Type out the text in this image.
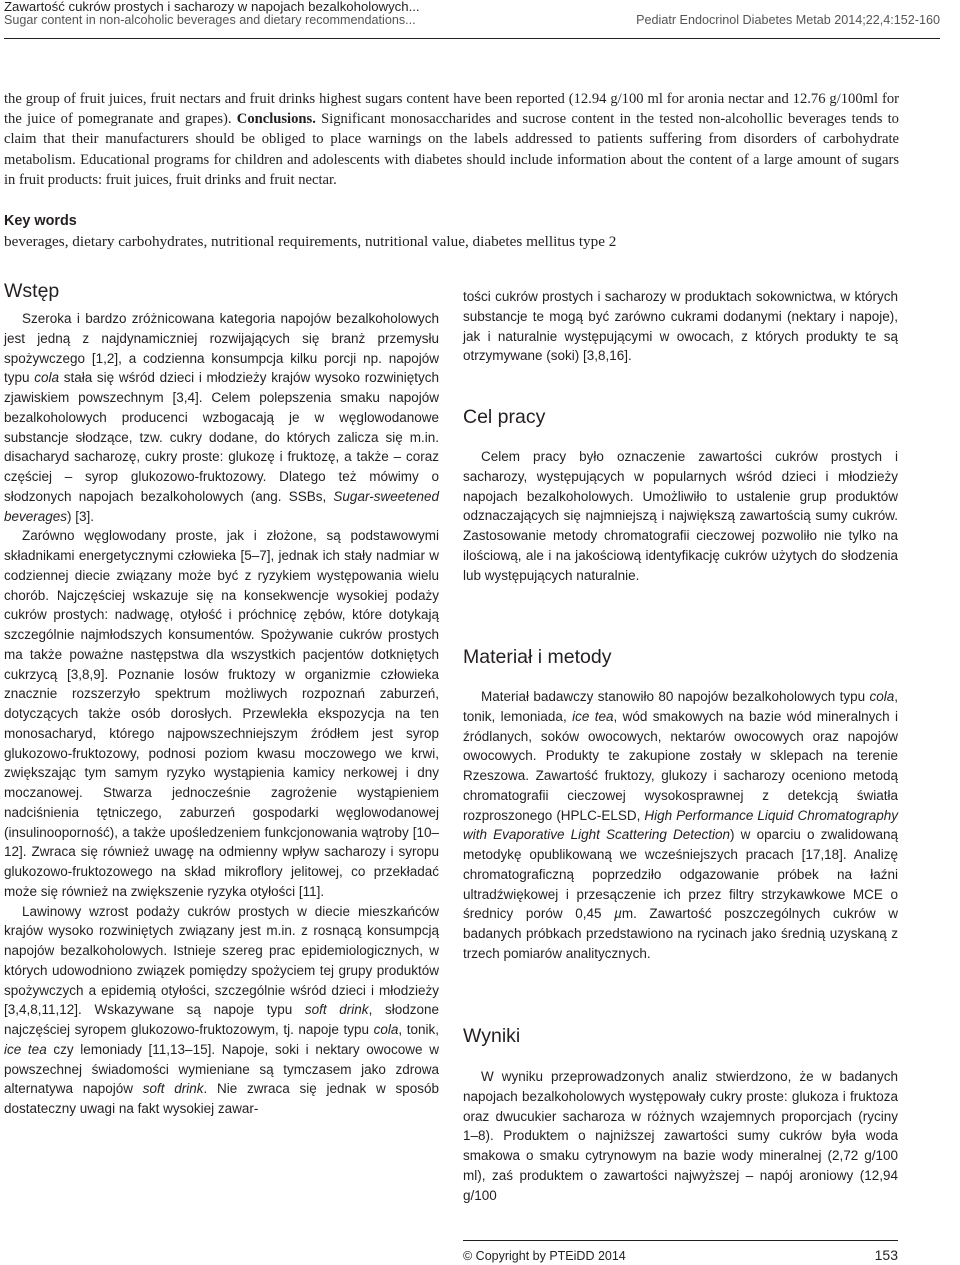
Zawartość cukrów prostych i sacharozy w napojach bezalkoholowych...
Sugar content in non-alcoholic beverages and dietary recommendations...	Pediatr Endocrinol Diabetes Metab 2014;22,4:152-160

the group of fruit juices, fruit nectars and fruit drinks highest sugars content have been reported (12.94 g/100 ml for aronia nectar and 12.76 g/100ml for the juice of pomegranate and grapes). Conclusions. Significant monosaccharides and sucrose content in the tested non-alcohollic beverages tends to claim that their manufacturers should be obliged to place warnings on the labels addressed to patients suffering from disorders of carbohydrate metabolism. Educational programs for children and adolescents with diabetes should include information about the content of a large amount of sugars in fruit products: fruit juices, fruit drinks and fruit nectar.

Key words

beverages, dietary carbohydrates, nutritional requirements, nutritional value, diabetes mellitus type 2

Wstęp

Szeroka i bardzo zróżnicowana kategoria napojów bezalkoholowych jest jedną z najdynamiczniej rozwijających się branż przemysłu spożywczego [1,2], a codzienna konsumpcja kilku porcji np. napojów typu cola stała się wśród dzieci i młodzieży krajów wysoko rozwiniętych zjawiskiem powszechnym [3,4]. Celem polepszenia smaku napojów bezalkoholowych producenci wzbogacają je w węglowodanowe substancje słodzące, tzw. cukry dodane, do których zalicza się m.in. disacharyd sacharozę, cukry proste: glukozę i fruktozę, a także – coraz częściej – syrop glukozowo-fruktozowy. Dlatego też mówimy o słodzonych napojach bezalkoholowych (ang. SSBs, Sugar-sweetened beverages) [3].

Zarówno węglowodany proste, jak i złożone, są podstawowymi składnikami energetycznymi człowieka [5–7], jednak ich stały nadmiar w codziennej diecie związany może być z ryzykiem występowania wielu chorób. Najczęściej wskazuje się na konsekwencje wysokiej podaży cukrów prostych: nadwagę, otyłość i próchnicę zębów, które dotykają szczególnie najmłodszych konsumentów. Spożywanie cukrów prostych ma także poważne następstwa dla wszystkich pacjentów dotkniętych cukrzycą [3,8,9]. Poznanie losów fruktozy w organizmie człowieka znacznie rozszerzyło spektrum możliwych rozpoznań zaburzeń, dotyczących także osób dorosłych. Przewlekła ekspozycja na ten monosacharyd, którego najpowszechniejszym źródłem jest syrop glukozowo-fruktozowy, podnosi poziom kwasu moczowego we krwi, zwiększając tym samym ryzyko wystąpienia kamicy nerkowej i dny moczanowej. Stwarza jednocześnie zagrożenie wystąpieniem nadciśnienia tętniczego, zaburzeń gospodarki węglowodanowej (insulinooporność), a także upośledzeniem funkcjonowania wątroby [10–12]. Zwraca się również uwagę na odmienny wpływ sacharozy i syropu glukozowo-fruktozowego na skład mikroflory jelitowej, co przekładać może się również na zwiększenie ryzyka otyłości [11].

Lawinowy wzrost podaży cukrów prostych w diecie mieszkańców krajów wysoko rozwiniętych związany jest m.in. z rosnącą konsumpcją napojów bezalkoholowych. Istnieje szereg prac epidemiologicznych, w których udowodniono związek pomiędzy spożyciem tej grupy produktów spożywczych a epidemią otyłości, szczególnie wśród dzieci i młodzieży [3,4,8,11,12]. Wskazywane są napoje typu soft drink, słodzone najczęściej syropem glukozowo-fruktozowym, tj. napoje typu cola, tonik, ice tea czy lemoniady [11,13–15]. Napoje, soki i nektary owocowe w powszechnej świadomości wymieniane są tymczasem jako zdrowa alternatywa napojów soft drink. Nie zwraca się jednak w sposób dostateczny uwagi na fakt wysokiej zawar-

tości cukrów prostych i sacharozy w produktach sokownictwa, w których substancje te mogą być zarówno cukrami dodanymi (nektary i napoje), jak i naturalnie występującymi w owocach, z których produkty te są otrzymywane (soki) [3,8,16].

Cel pracy

Celem pracy było oznaczenie zawartości cukrów prostych i sacharozy, występujących w popularnych wśród dzieci i młodzieży napojach bezalkoholowych. Umożliwiło to ustalenie grup produktów odznaczających się najmniejszą i największą zawartością sumy cukrów. Zastosowanie metody chromatografii cieczowej pozwoliło nie tylko na ilościową, ale i na jakościową identyfikację cukrów użytych do słodzenia lub występujących naturalnie.

Materiał i metody

Materiał badawczy stanowiło 80 napojów bezalkoholowych typu cola, tonik, lemoniada, ice tea, wód smakowych na bazie wód mineralnych i źródlanych, soków owocowych, nektarów owocowych oraz napojów owocowych. Produkty te zakupione zostały w sklepach na terenie Rzeszowa. Zawartość fruktozy, glukozy i sacharozy oceniono metodą chromatografii cieczowej wysokosprawnej z detekcją światła rozproszonego (HPLC-ELSD, High Performance Liquid Chromatography with Evaporative Light Scattering Detection) w oparciu o zwalidowaną metodykę opublikowaną we wcześniejszych pracach [17,18]. Analizę chromatograficzną poprzedziło odgazowanie próbek na łaźni ultradźwiękowej i przesączenie ich przez filtry strzykawkowe MCE o średnicy porów 0,45 µm. Zawartość poszczególnych cukrów w badanych próbkach przedstawiono na rycinach jako średnią uzyskaną z trzech pomiarów analitycznych.

Wyniki

W wyniku przeprowadzonych analiz stwierdzono, że w badanych napojach bezalkoholowych występowały cukry proste: glukoza i fruktoza oraz dwucukier sacharoza w różnych wzajemnych proporcjach (ryciny 1–8). Produktem o najniższej zawartości sumy cukrów była woda smakowa o smaku cytrynowym na bazie wody mineralnej (2,72 g/100 ml), zaś produktem o zawartości najwyższej – napój aroniowy (12,94 g/100

© Copyright by PTEiDD 2014	153
